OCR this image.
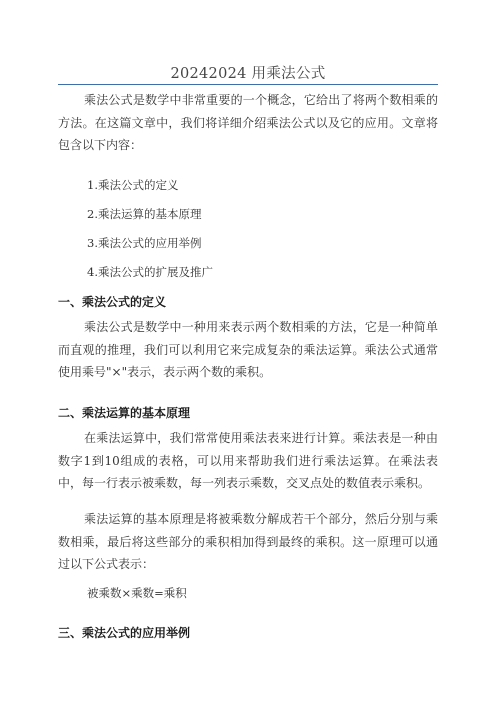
20242024 用乘法公式

乘法公式是数学中非常重要的一个概念，它给出了将两个数相乘的方法。在这篇文章中，我们将详细介绍乘法公式以及它的应用。文章将包含以下内容：

1.乘法公式的定义
2.乘法运算的基本原理
3.乘法公式的应用举例
4.乘法公式的扩展及推广
一、乘法公式的定义

乘法公式是数学中一种用来表示两个数相乘的方法，它是一种简单而直观的推理，我们可以利用它来完成复杂的乘法运算。乘法公式通常使用乘号"×"表示，表示两个数的乘积。

二、乘法运算的基本原理

在乘法运算中，我们常常使用乘法表来进行计算。乘法表是一种由数字1到10组成的表格，可以用来帮助我们进行乘法运算。在乘法表中，每一行表示被乘数，每一列表示乘数，交叉点处的数值表示乘积。

乘法运算的基本原理是将被乘数分解成若干个部分，然后分别与乘数相乘，最后将这些部分的乘积相加得到最终的乘积。这一原理可以通过以下公式表示：

被乘数×乘数=乘积
三、乘法公式的应用举例
